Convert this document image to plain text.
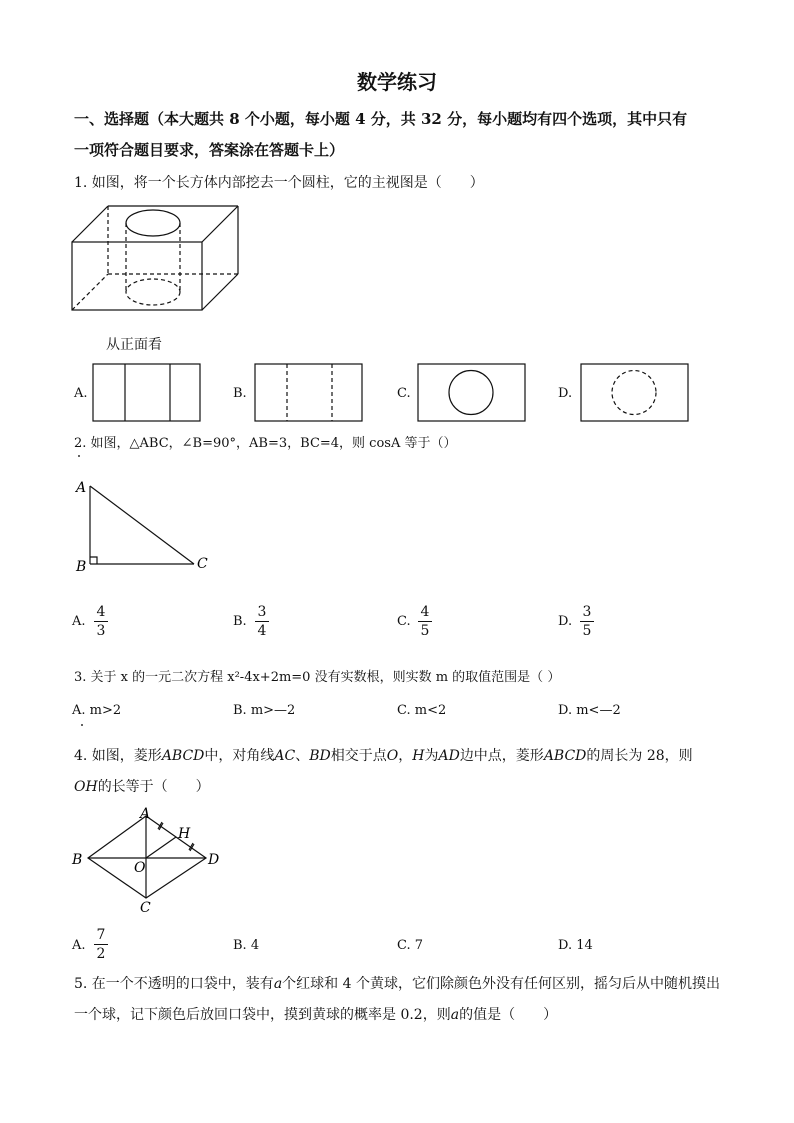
数学练习
一、选择题（本大题共 8 个小题，每小题 4 分，共 32 分，每小题均有四个选项，其中只有
一项符合题目要求，答案涂在答题卡上）
1. 如图，将一个长方体内部挖去一个圆柱，它的主视图是（　　）
从正面看
A.	B.	C.	D.
2. 如图，△ABC，∠B=90°，AB=3，BC=4，则 cosA 等于（）
A
B	C
A.
4
3
B.
3
4
C.
4
5
D.
3
5
3. 关于 x 的一元二次方程 x²-4x+2m=0 没有实数根，则实数 m 的取值范围是（ ）
A. m>2	B. m>—2	C. m<2	D. m<—2
4. 如图，菱形ABCD中，对角线AC、BD相交于点O，H为AD边中点，菱形ABCD的周长为 28，则
OH的长等于（　　）
A
H
B	O	D
C
A.
7
2
B. 4	C. 7	D. 14
5. 在一个不透明的口袋中，装有a个红球和 4 个黄球，它们除颜色外没有任何区别，摇匀后从中随机摸出
一个球，记下颜色后放回口袋中，摸到黄球的概率是 0.2，则a的值是（　　）
